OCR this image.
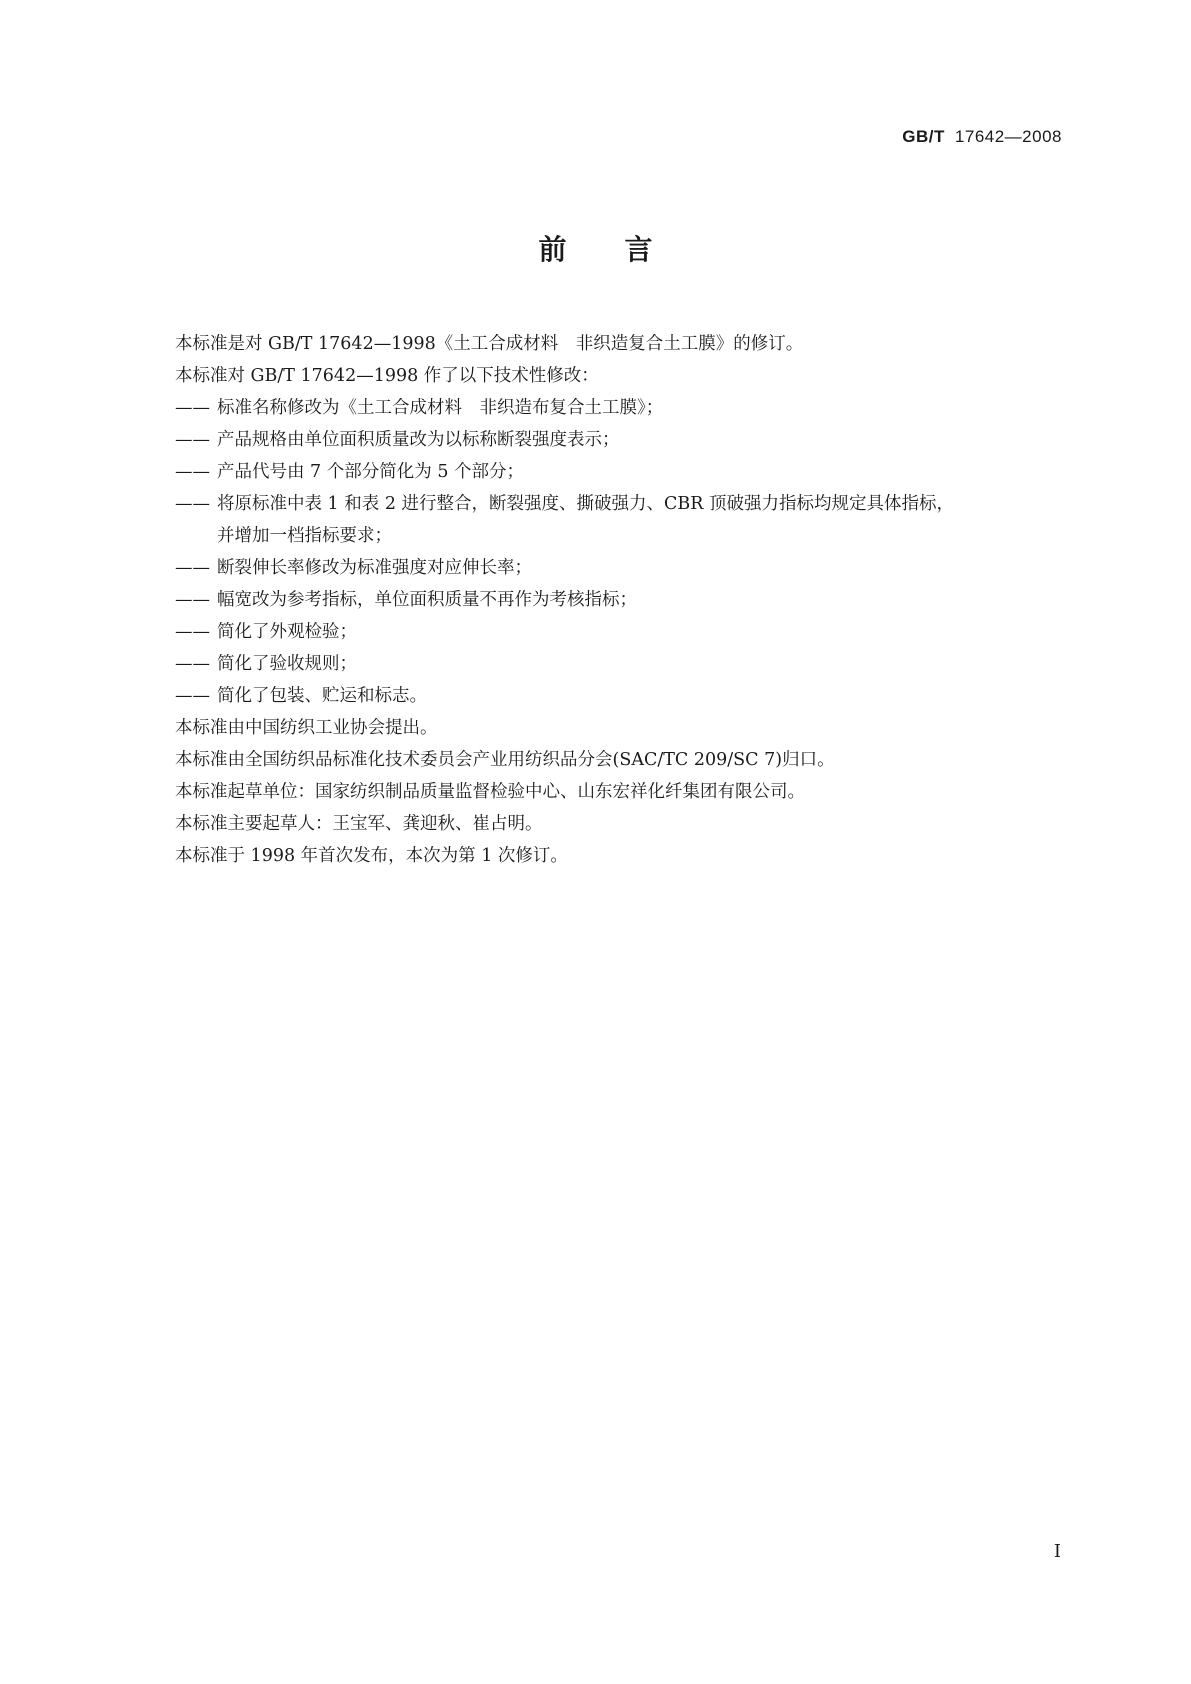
GB/T 17642—2008
前言
本标准是对 GB/T 17642—1998《土工合成材料　非织造复合土工膜》的修订。
本标准对 GB/T 17642—1998 作了以下技术性修改：
—— 标准名称修改为《土工合成材料　非织造布复合土工膜》；
—— 产品规格由单位面积质量改为以标称断裂强度表示；
—— 产品代号由 7 个部分简化为 5 个部分；
—— 将原标准中表 1 和表 2 进行整合，断裂强度、撕破强力、CBR 顶破强力指标均规定具体指标，
并增加一档指标要求；
—— 断裂伸长率修改为标准强度对应伸长率；
—— 幅宽改为参考指标，单位面积质量不再作为考核指标；
—— 简化了外观检验；
—— 简化了验收规则；
—— 简化了包装、贮运和标志。
本标准由中国纺织工业协会提出。
本标准由全国纺织品标准化技术委员会产业用纺织品分会(SAC/TC 209/SC 7)归口。
本标准起草单位：国家纺织制品质量监督检验中心、山东宏祥化纤集团有限公司。
本标准主要起草人：王宝军、龚迎秋、崔占明。
本标准于 1998 年首次发布，本次为第 1 次修订。
I
